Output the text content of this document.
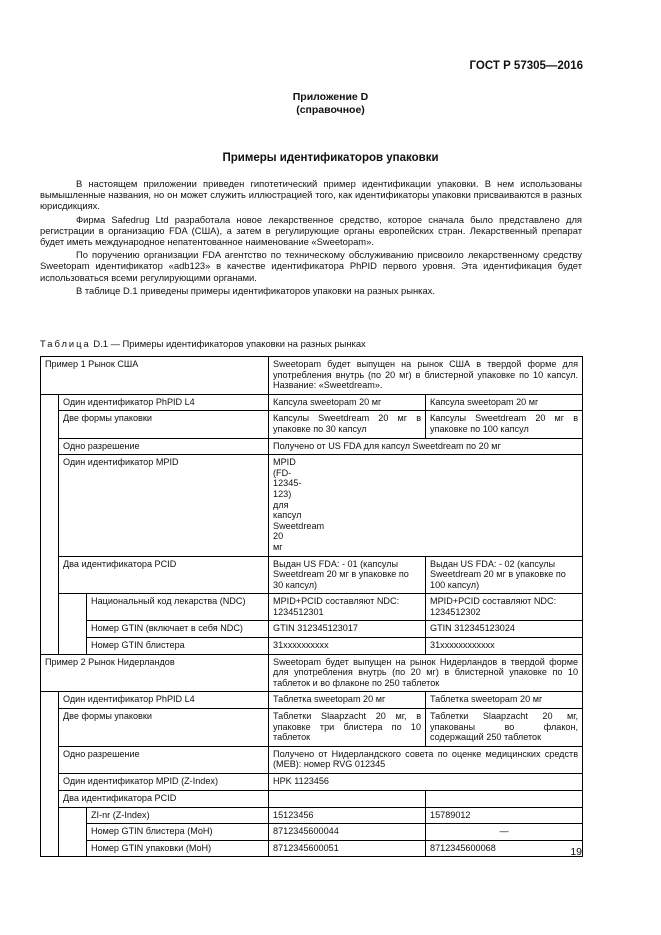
ГОСТ Р 57305—2016
Приложение D
(справочное)
Примеры идентификаторов упаковки

В настоящем приложении приведен гипотетический пример идентификации упаковки. В нем использованы вымышленные названия, но он может служить иллюстрацией того, как идентификаторы упаковки присваиваются в разных юрисдикциях.

Фирма Safedrug Ltd разработала новое лекарственное средство, которое сначала было представлено для регистрации в организацию FDA (США), а затем в регулирующие органы европейских стран. Лекарственный препарат будет иметь международное непатентованное наименование «Sweetopam».

По поручению организации FDA агентство по техническому обслуживанию присвоило лекарственному средству Sweetopam идентификатор «adb123» в качестве идентификатора PhPID первого уровня. Эта идентификация будет использоваться всеми регулирующими органами.

В таблице D.1 приведены примеры идентификаторов упаковки на разных рынках.

Таблица D.1 — Примеры идентификаторов упаковки на разных рынках
Пример 1 Рынок США			Sweetopam будет выпущен на рынок США в твердой форме для употребления внутрь (по 20 мг) в блистерной упаковке по 10 капсул. Название: «Sweetdream».	
	Один идентификатор PhPID L4		Капсула sweetopam 20 мг	Капсула sweetopam 20 мг
	Две формы упаковки		Капсулы Sweetdream 20 мг в упаковке по 30 капсул	Капсулы Sweetdream 20 мг в упаковке по 100 капсул
	Одно разрешение		Получено от US FDA для капсул Sweetdream по 20 мг	
	Один идентификатор MPID		MPID (FD-12345-123) для капсул Sweetdream 20 мг	
	Два идентификатора PCID		Выдан US FDA: - 01 (капсулы Sweetdream 20 мг в упаковке по 30 капсул)	Выдан US FDA: - 02 (капсулы Sweetdream 20 мг в упаковке по 100 капсул)
		Национальный код лекарства (NDC)	MPID+PCID составляют NDC: 1234512301	MPID+PCID составляют NDC: 1234512302
		Номер GTIN (включает в себя NDC)	GTIN 312345123017	GTIN 312345123024
		Номер GTIN блистера	31xxxxxxxxxx	31xxxxxxxxxxxx
Пример 2 Рынок Нидерландов			Sweetopam будет выпущен на рынок Нидерландов в твердой форме для употребления внутрь (по 20 мг) в блистерной упаковке по 10 таблеток и во флаконе по 250 таблеток	
	Один идентификатор PhPID L4		Таблетка sweetopam 20 мг	Таблетка sweetopam 20 мг
	Две формы упаковки		Таблетки Slaapzacht 20 мг, в упаковке три блистера по 10 таблеток	Таблетки Slaapzacht 20 мг, упакованы во флакон, содержащий 250 таблеток
	Одно разрешение		Получено от Нидерландского совета по оценке медицинских средств (MEB): номер RVG 012345	
	Один идентификатор MPID (Z-Index)		HPK 1123456	
	Два идентификатора PCID			
		ZI-nr (Z-Index)	15123456	15789012
		Номер GTIN блистера (MoH)	8712345600044	—
		Номер GTIN упаковки (MoH)	8712345600051	8712345600068	19
